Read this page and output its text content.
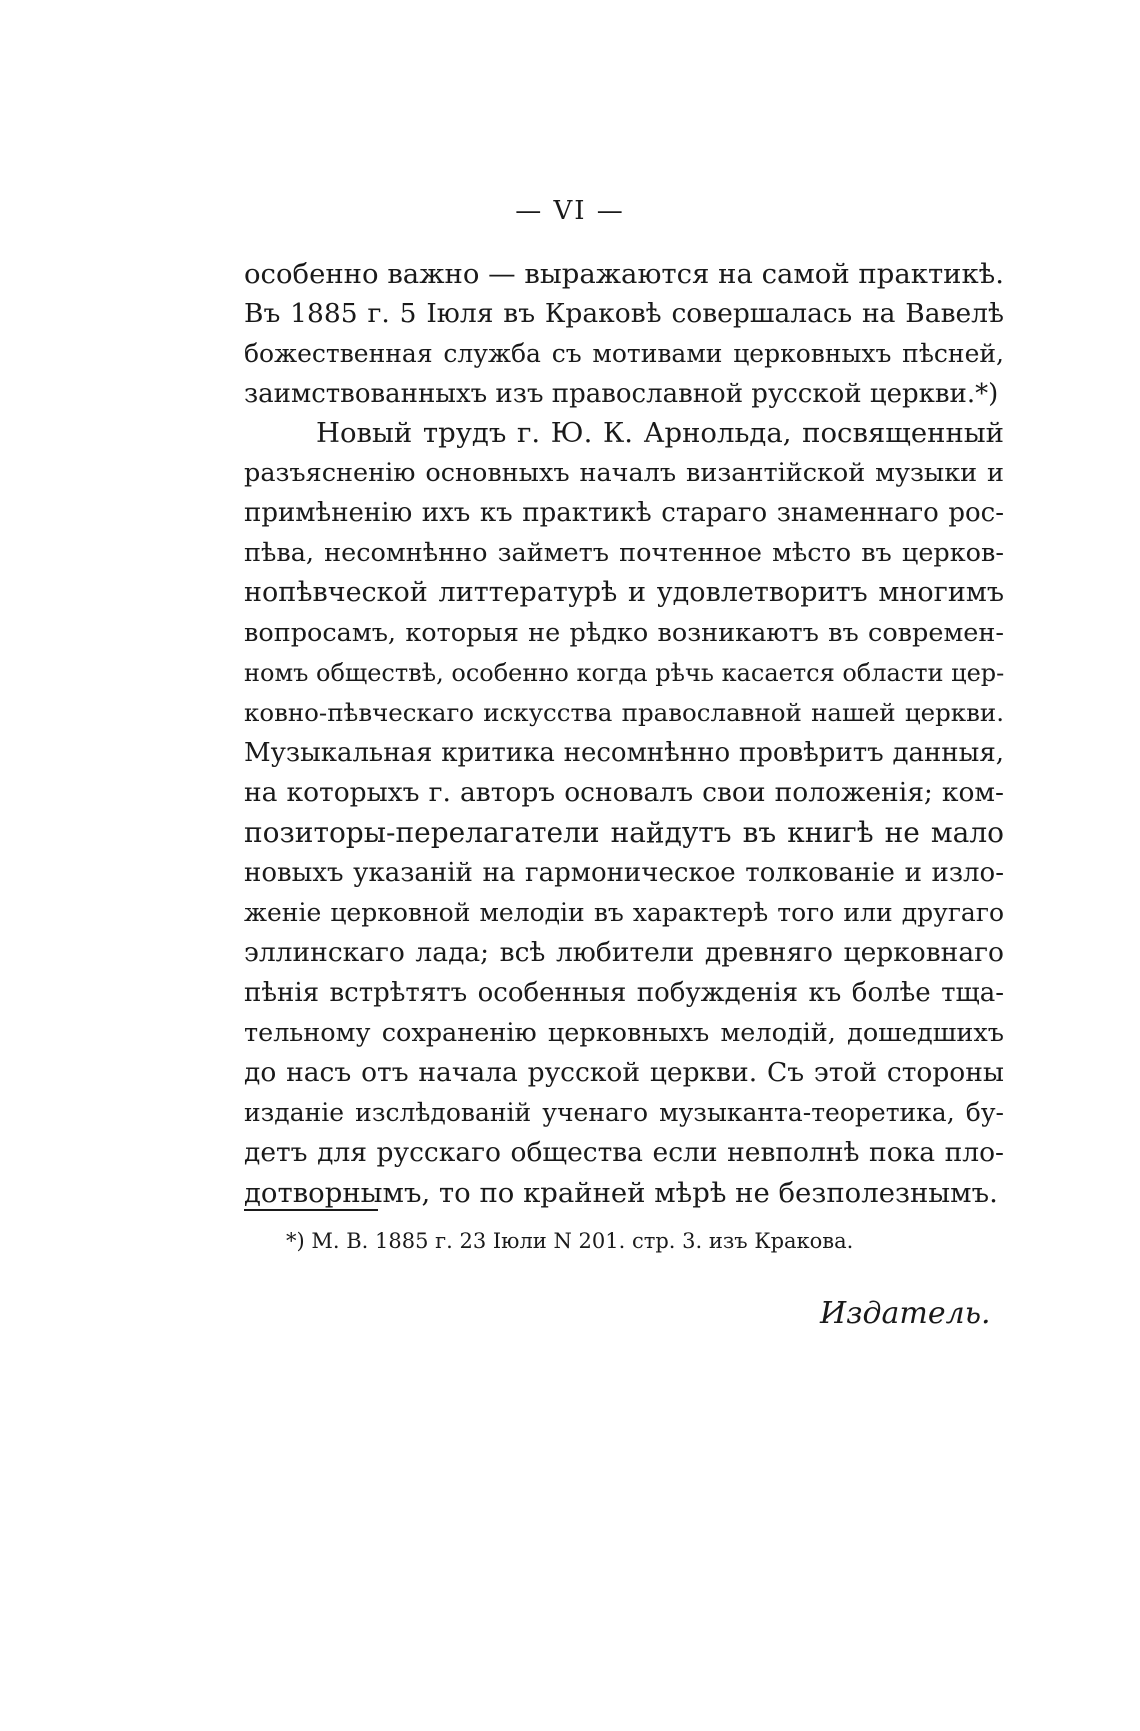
— VI —
особенно важно — выражаются на самой практикѣ.
Въ 1885 г. 5 Іюля въ Краковѣ совершалась на Вавелѣ
божественная служба съ мотивами церковныхъ пѣсней,
заимствованныхъ изъ православной русской церкви.*)
Новый трудъ г. Ю. К. Арнольда, посвященный
разъясненію основныхъ началъ византійской музыки и
примѣненію ихъ къ практикѣ стараго знаменнаго рос-
пѣва, несомнѣнно займетъ почтенное мѣсто въ церков-
нопѣвческой литтературѣ и удовлетворитъ многимъ
вопросамъ, которыя не рѣдко возникаютъ въ современ-
номъ обществѣ, особенно когда рѣчь касается области цер-
ковно-пѣвческаго искусства православной нашей церкви.
Музыкальная критика несомнѣнно провѣритъ данныя,
на которыхъ г. авторъ основалъ свои положенія; ком-
позиторы-перелагатели найдутъ въ книгѣ не мало
новыхъ указаній на гармоническое толкованіе и изло-
женіе церковной мелодіи въ характерѣ того или другаго
эллинскаго лада; всѣ любители древняго церковнаго
пѣнія встрѣтятъ особенныя побужденія къ болѣе тща-
тельному сохраненію церковныхъ мелодій, дошедшихъ
до насъ отъ начала русской церкви. Съ этой стороны
изданіе изслѣдованій ученаго музыканта-теоретика, бу-
детъ для русскаго общества если невполнѣ пока пло-
дотворнымъ, то по крайней мѣрѣ не безполезнымъ.
*) М. В. 1885 г. 23 Іюли N 201. стр. 3. изъ Кракова.
Издатель.
